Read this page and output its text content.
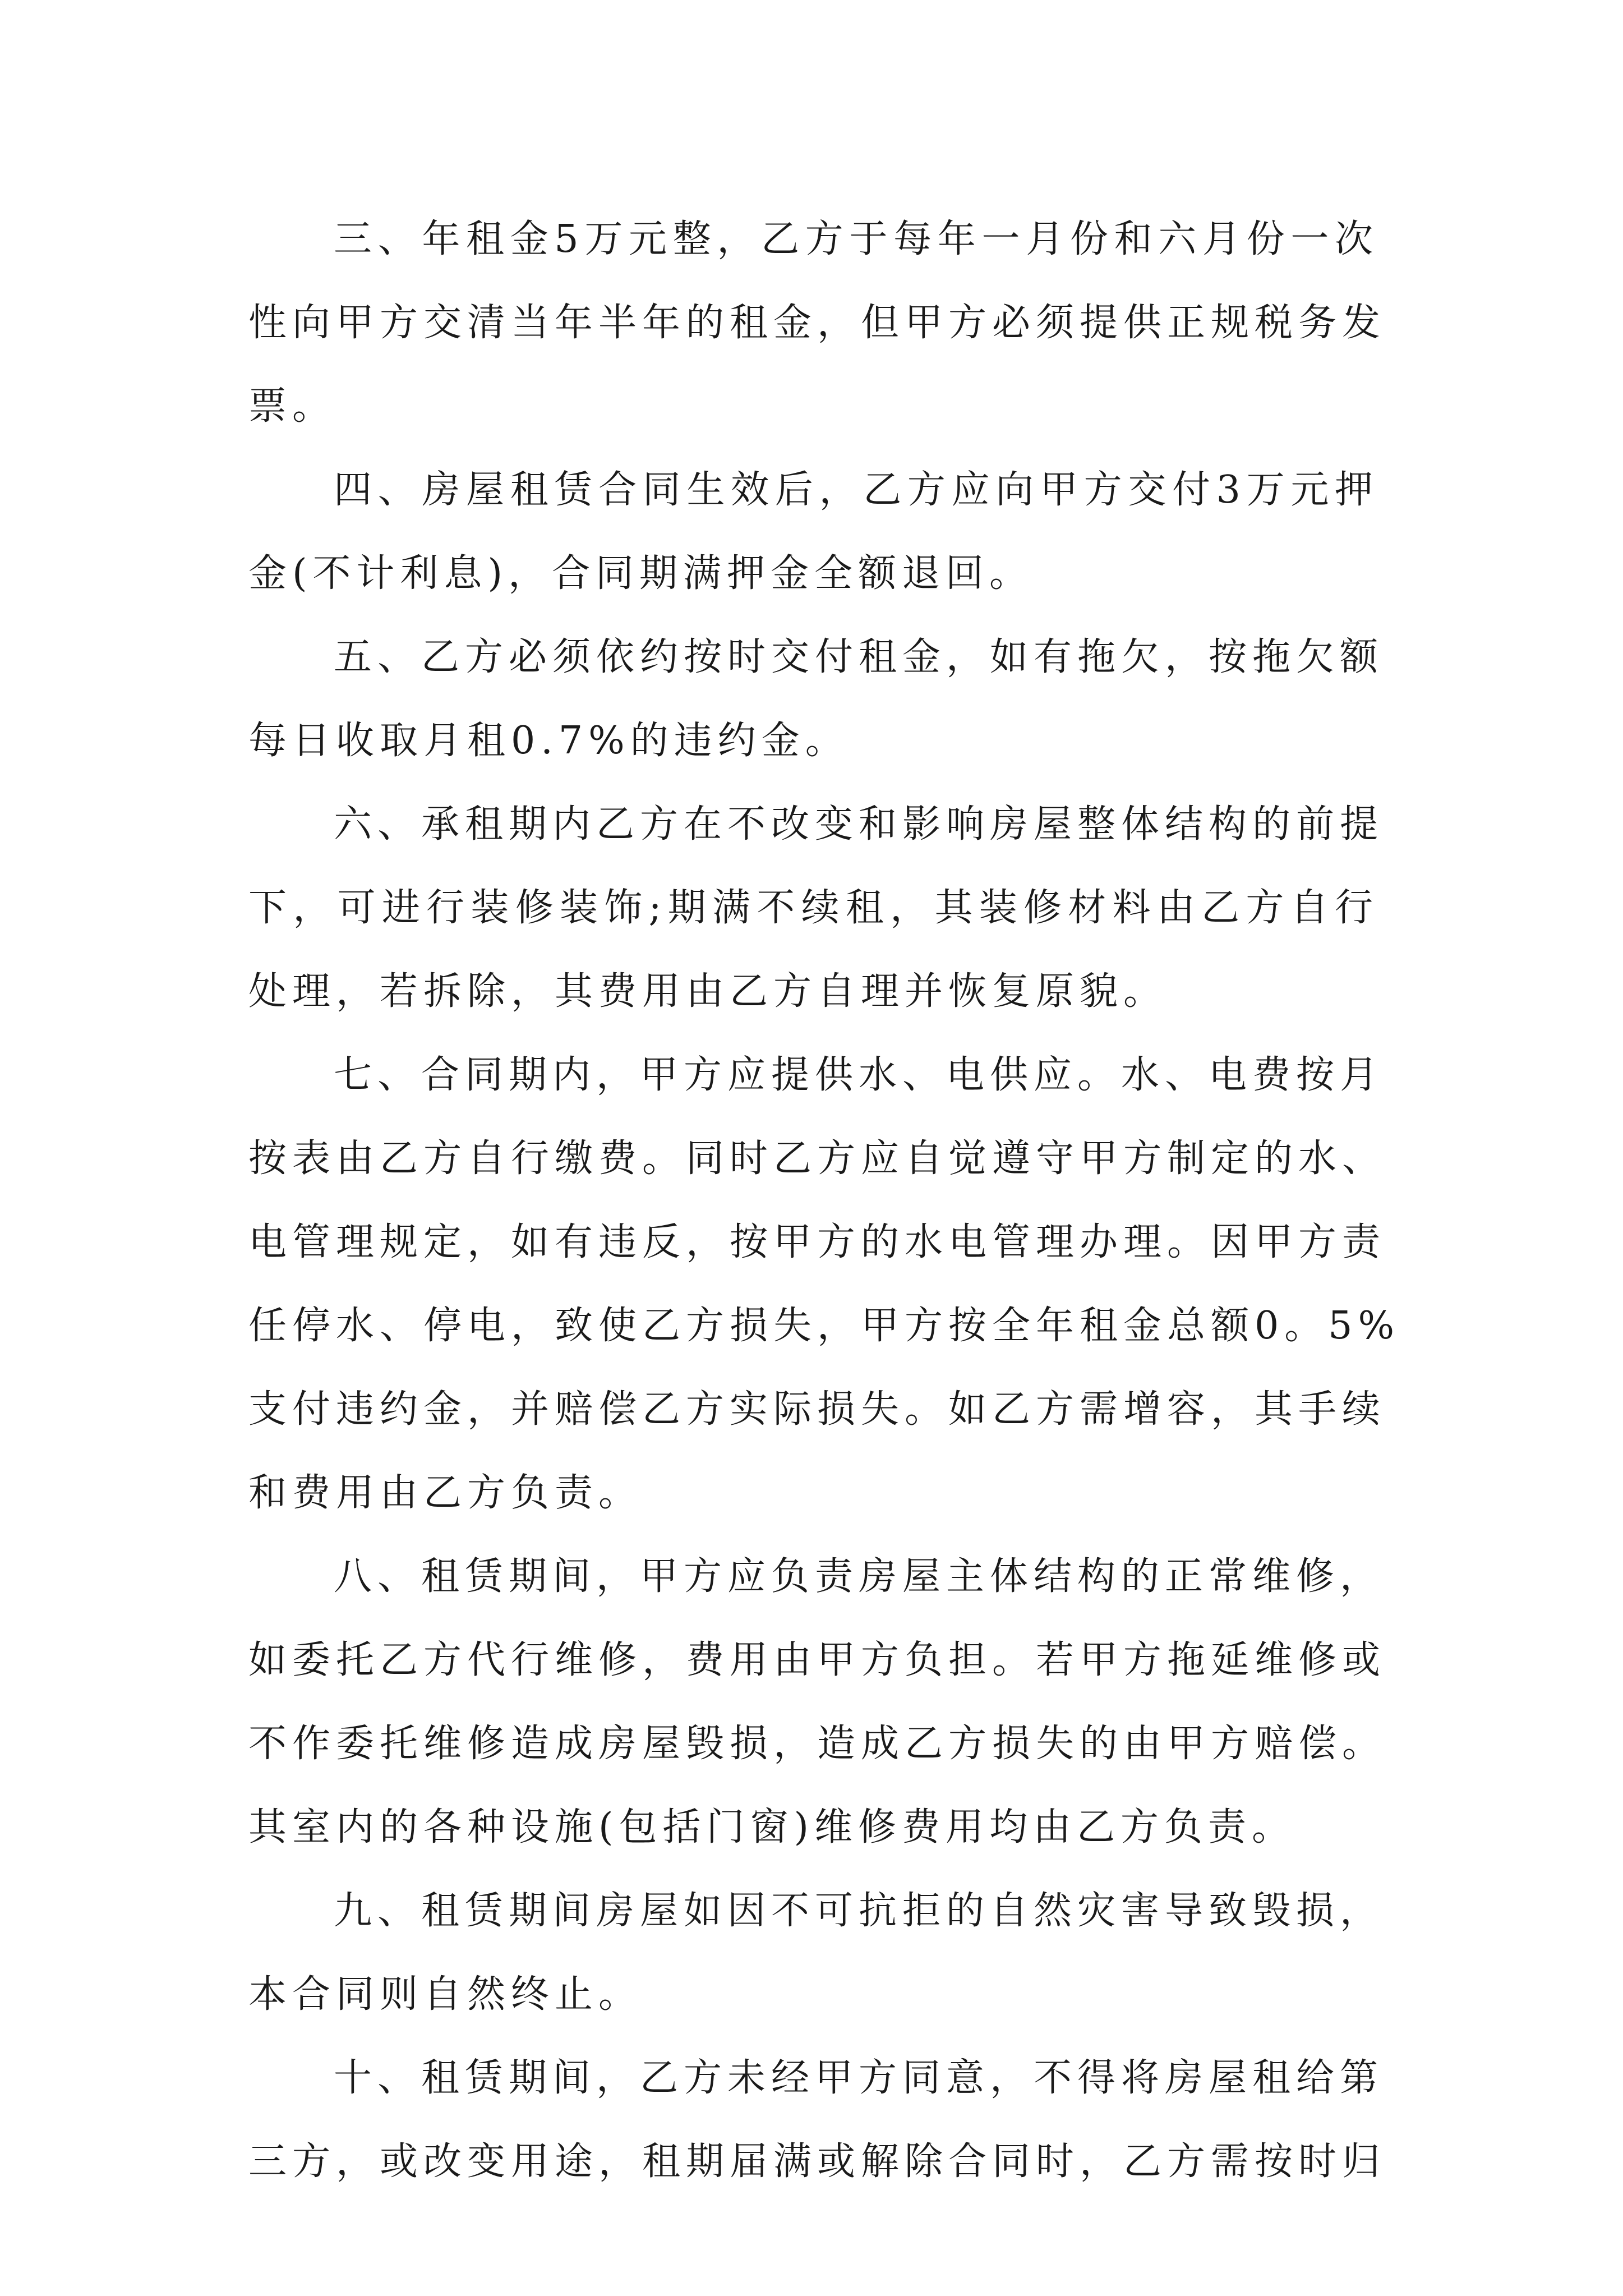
三、年租金5万元整，乙方于每年一月份和六月份一次
性向甲方交清当年半年的租金，但甲方必须提供正规税务发
票。
四、房屋租赁合同生效后，乙方应向甲方交付3万元押
金(不计利息)，合同期满押金全额退回。
五、乙方必须依约按时交付租金，如有拖欠，按拖欠额
每日收取月租0.7%的违约金。
六、承租期内乙方在不改变和影响房屋整体结构的前提
下，可进行装修装饰;期满不续租，其装修材料由乙方自行
处理，若拆除，其费用由乙方自理并恢复原貌。
七、合同期内，甲方应提供水、电供应。水、电费按月
按表由乙方自行缴费。同时乙方应自觉遵守甲方制定的水、
电管理规定，如有违反，按甲方的水电管理办理。因甲方责
任停水、停电，致使乙方损失，甲方按全年租金总额0。5%
支付违约金，并赔偿乙方实际损失。如乙方需增容，其手续
和费用由乙方负责。
八、租赁期间，甲方应负责房屋主体结构的正常维修，
如委托乙方代行维修，费用由甲方负担。若甲方拖延维修或
不作委托维修造成房屋毁损，造成乙方损失的由甲方赔偿。
其室内的各种设施(包括门窗)维修费用均由乙方负责。
九、租赁期间房屋如因不可抗拒的自然灾害导致毁损，
本合同则自然终止。
十、租赁期间，乙方未经甲方同意，不得将房屋租给第
三方，或改变用途，租期届满或解除合同时，乙方需按时归
